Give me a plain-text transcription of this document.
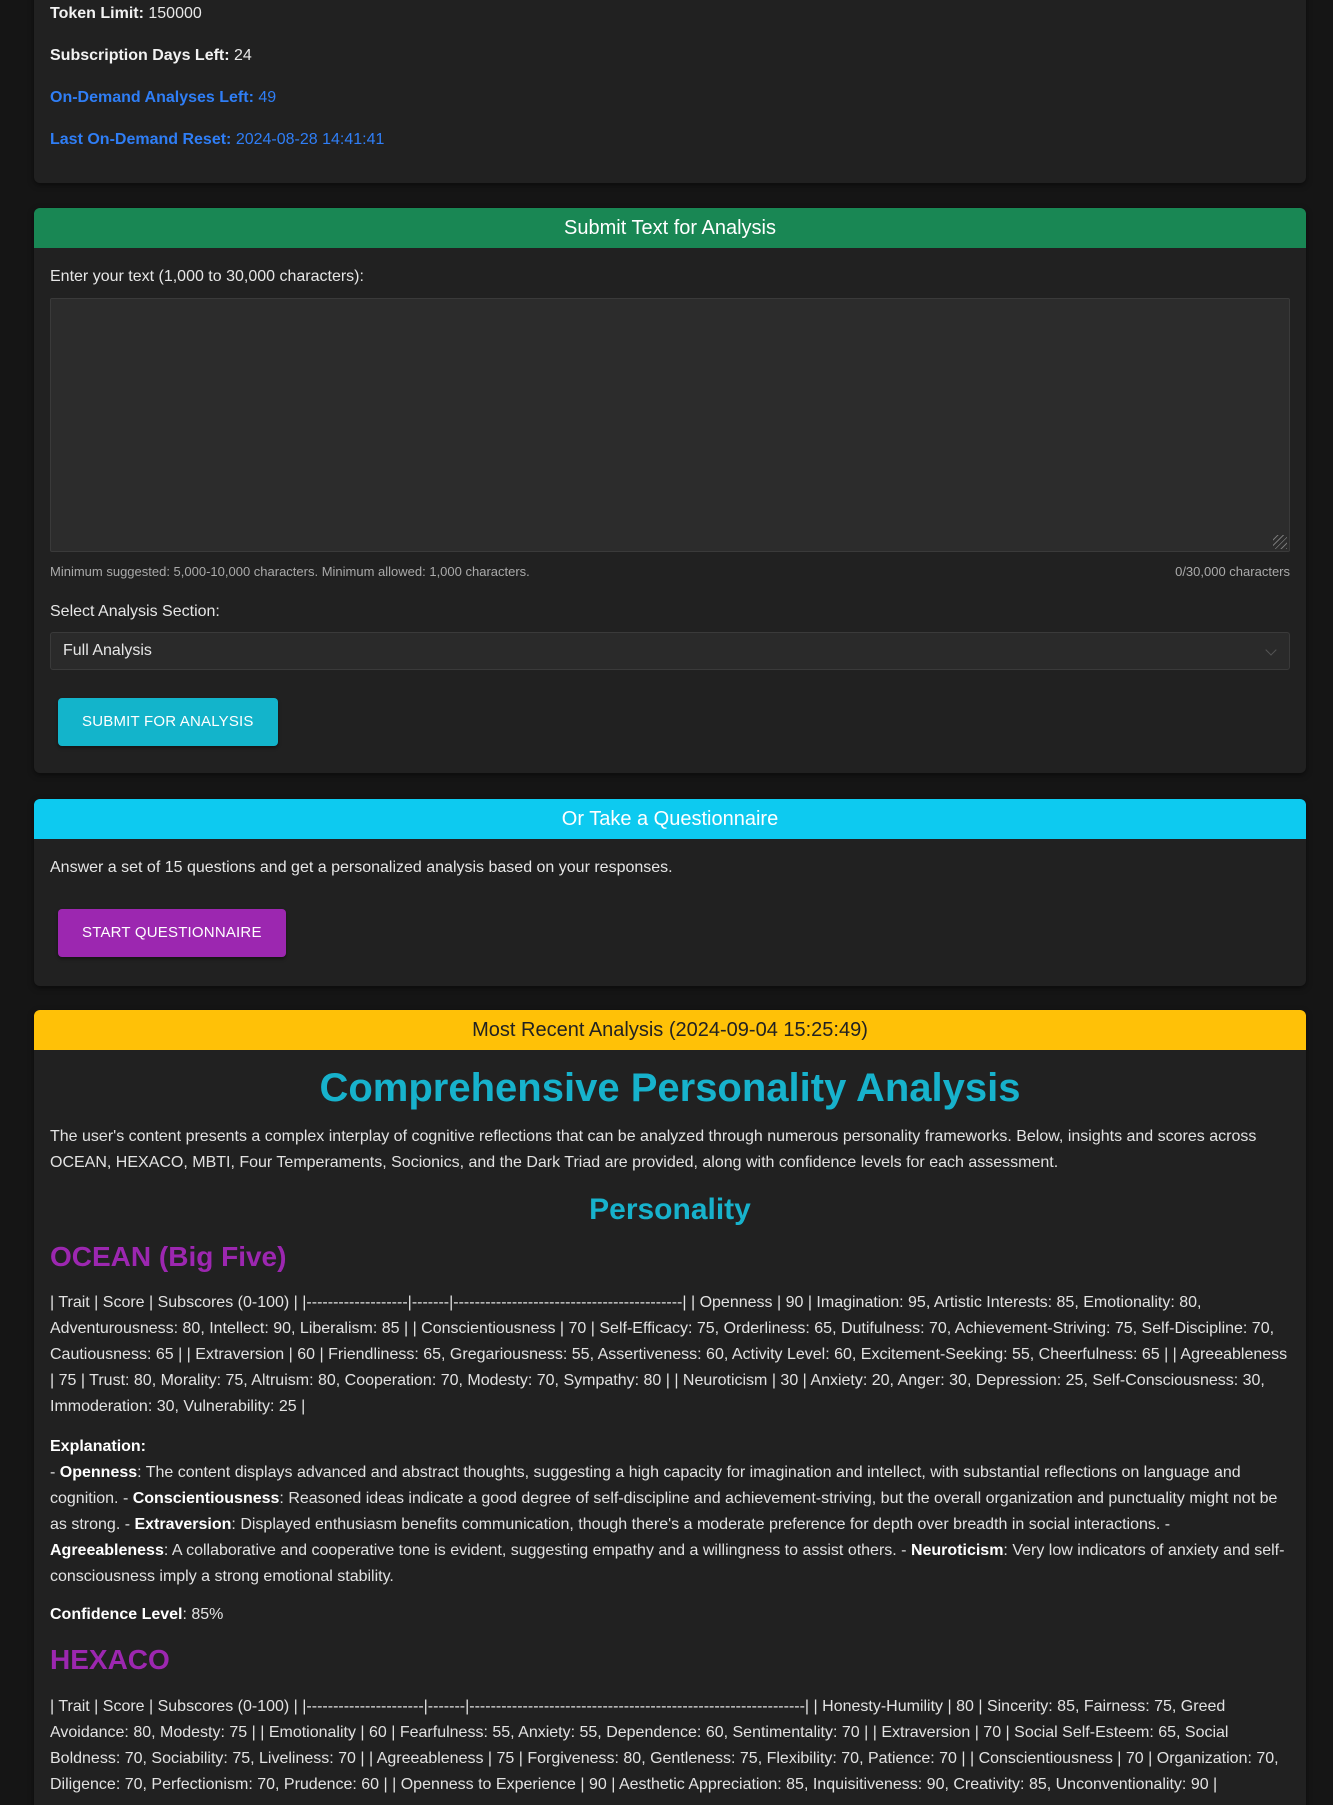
Token Limit: 150000
Subscription Days Left: 24
On-Demand Analyses Left: 49
Last On-Demand Reset: 2024-08-28 14:41:41
Submit Text for Analysis
Enter your text (1,000 to 30,000 characters):
Minimum suggested: 5,000-10,000 characters. Minimum allowed: 1,000 characters.	0/30,000 characters
Select Analysis Section:
Full Analysis
SUBMIT FOR ANALYSIS
Or Take a Questionnaire
Answer a set of 15 questions and get a personalized analysis based on your responses.
START QUESTIONNAIRE
Most Recent Analysis (2024-09-04 15:25:49)
Comprehensive Personality Analysis
The user's content presents a complex interplay of cognitive reflections that can be analyzed through numerous personality frameworks. Below, insights and scores across OCEAN, HEXACO, MBTI, Four Temperaments, Socionics, and the Dark Triad are provided, along with confidence levels for each assessment.
Personality
OCEAN (Big Five)
| Trait | Score | Subscores (0-100) | |-------------------|-------|-------------------------------------------| | Openness | 90 | Imagination: 95, Artistic Interests: 85, Emotionality: 80, Adventurousness: 80, Intellect: 90, Liberalism: 85 | | Conscientiousness | 70 | Self-Efficacy: 75, Orderliness: 65, Dutifulness: 70, Achievement-Striving: 75, Self-Discipline: 70, Cautiousness: 65 | | Extraversion | 60 | Friendliness: 65, Gregariousness: 55, Assertiveness: 60, Activity Level: 60, Excitement-Seeking: 55, Cheerfulness: 65 | | Agreeableness | 75 | Trust: 80, Morality: 75, Altruism: 80, Cooperation: 70, Modesty: 70, Sympathy: 80 | | Neuroticism | 30 | Anxiety: 20, Anger: 30, Depression: 25, Self-Consciousness: 30, Immoderation: 30, Vulnerability: 25 |
Explanation:
- Openness: The content displays advanced and abstract thoughts, suggesting a high capacity for imagination and intellect, with substantial reflections on language and cognition. - Conscientiousness: Reasoned ideas indicate a good degree of self-discipline and achievement-striving, but the overall organization and punctuality might not be as strong. - Extraversion: Displayed enthusiasm benefits communication, though there's a moderate preference for depth over breadth in social interactions. - Agreeableness: A collaborative and cooperative tone is evident, suggesting empathy and a willingness to assist others. - Neuroticism: Very low indicators of anxiety and self-consciousness imply a strong emotional stability.
Confidence Level: 85%
HEXACO
| Trait | Score | Subscores (0-100) | |----------------------|-------|---------------------------------------------------------------| | Honesty-Humility | 80 | Sincerity: 85, Fairness: 75, Greed Avoidance: 80, Modesty: 75 | | Emotionality | 60 | Fearfulness: 55, Anxiety: 55, Dependence: 60, Sentimentality: 70 | | Extraversion | 70 | Social Self-Esteem: 65, Social Boldness: 70, Sociability: 75, Liveliness: 70 | | Agreeableness | 75 | Forgiveness: 80, Gentleness: 75, Flexibility: 70, Patience: 70 | | Conscientiousness | 70 | Organization: 70, Diligence: 70, Perfectionism: 70, Prudence: 60 | | Openness to Experience | 90 | Aesthetic Appreciation: 85, Inquisitiveness: 90, Creativity: 85, Unconventionality: 90 |
